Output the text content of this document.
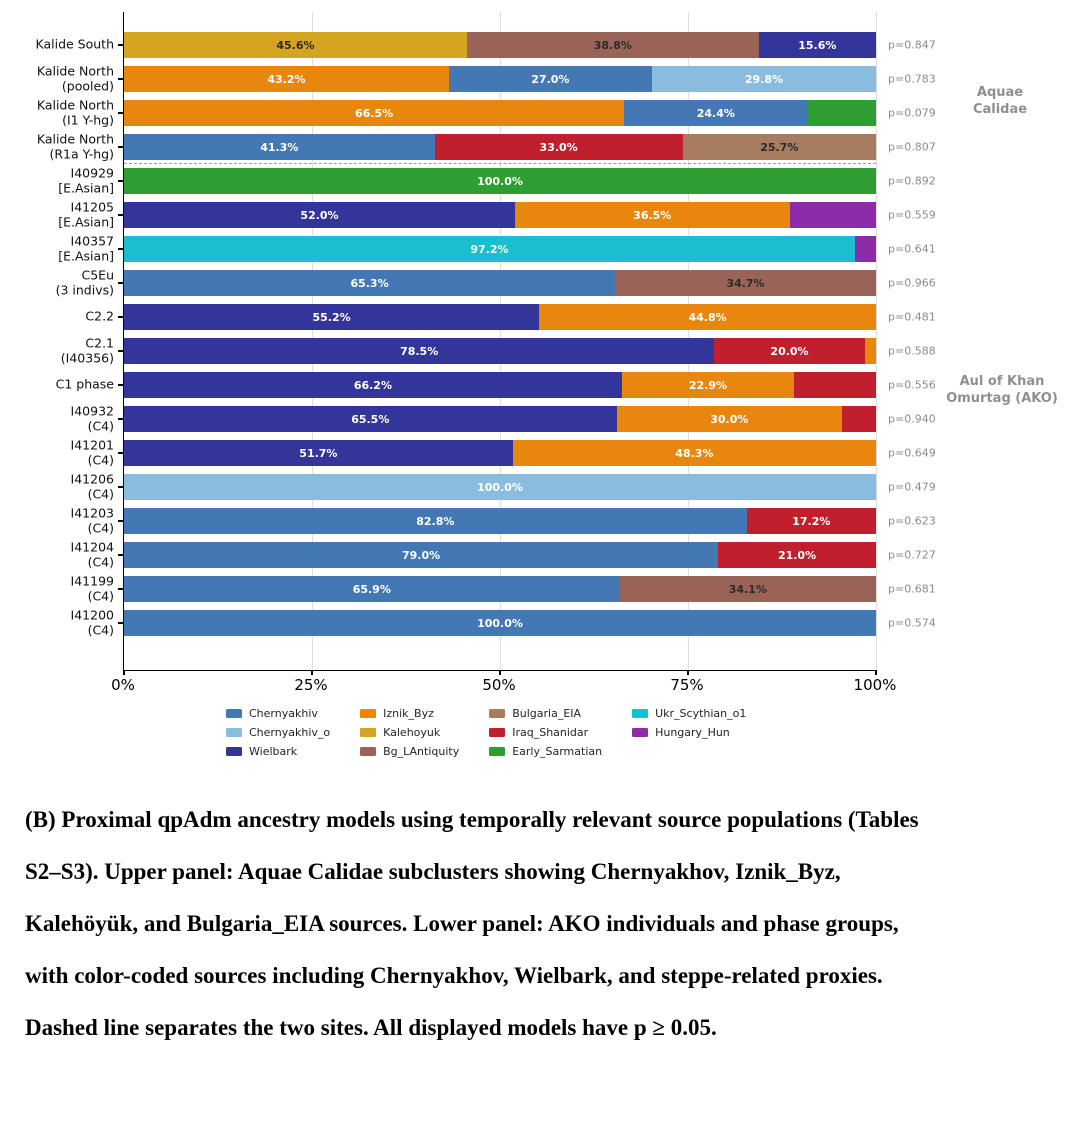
Kalide South
Kalide North
(pooled)
Kalide North
(I1 Y-hg)
Kalide North
(R1a Y-hg)
I40929
[E.Asian]
I41205
[E.Asian]
I40357
[E.Asian]
C5Eu
(3 indivs)
C2.2
C2.1
(I40356)
C1 phase
I40932
(C4)
I41201
(C4)
I41206
(C4)
I41203
(C4)
I41204
(C4)
I41199
(C4)
I41200
(C4)
45.6%	38.8%	15.6%
43.2%	27.0%	29.8%
66.5%	24.4%
41.3%	33.0%	25.7%
100.0%
52.0%	36.5%
97.2%
65.3%	34.7%
55.2%	44.8%
78.5%	20.0%
66.2%	22.9%
65.5%	30.0%
51.7%	48.3%
100.0%
82.8%	17.2%
79.0%	21.0%
65.9%	34.1%
100.0%
p=0.847
p=0.783
p=0.079
p=0.807
p=0.892
p=0.559
p=0.641
p=0.966
p=0.481
p=0.588
p=0.556
p=0.940
p=0.649
p=0.479
p=0.623
p=0.727
p=0.681
p=0.574
0%	25%	50%	75%	100%
Aquae
Calidae
Aul of Khan
Omurtag (AKO)
Chernyakhiv
Chernyakhiv_o
Wielbark
Iznik_Byz
Kalehoyuk
Bg_LAntiquity
Bulgaria_EIA
Iraq_Shanidar
Early_Sarmatian
Ukr_Scythian_o1
Hungary_Hun
(B) Proximal qpAdm ancestry models using temporally relevant source populations (Tables
S2–S3). Upper panel: Aquae Calidae subclusters showing Chernyakhov, Iznik_Byz,
Kalehöyük, and Bulgaria_EIA sources. Lower panel: AKO individuals and phase groups,
with color-coded sources including Chernyakhov, Wielbark, and steppe-related proxies.
Dashed line separates the two sites. All displayed models have p ≥ 0.05.
